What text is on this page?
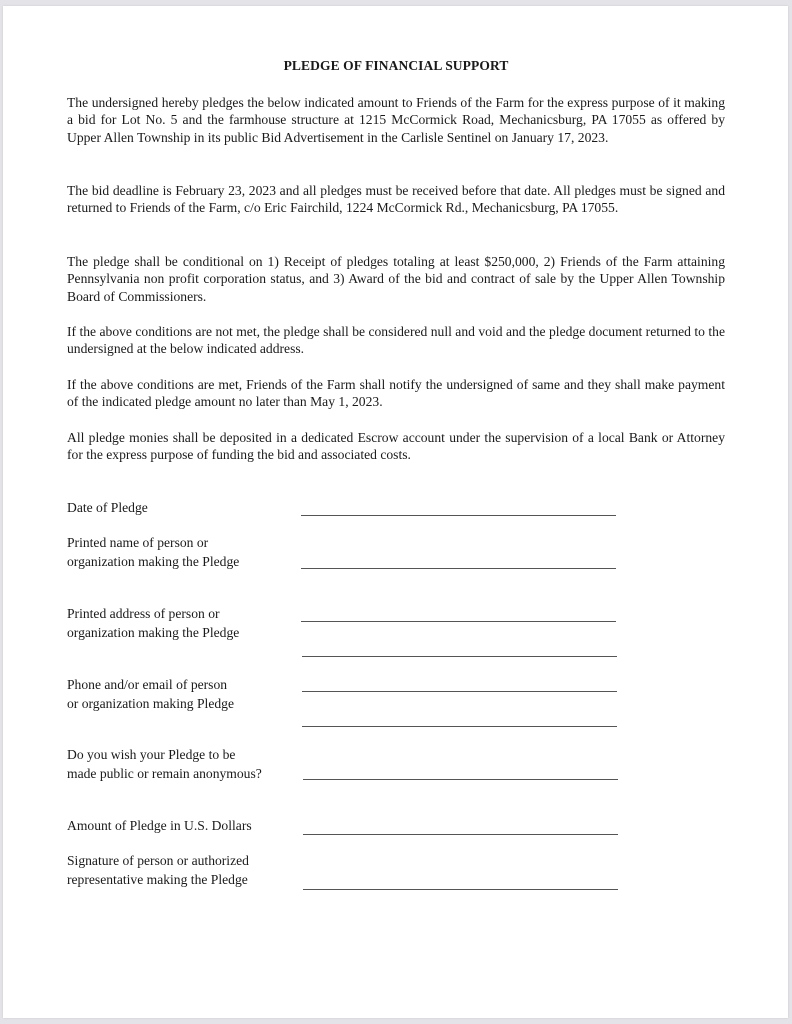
PLEDGE OF FINANCIAL SUPPORT

The undersigned hereby pledges the below indicated amount to Friends of the Farm for the express purpose of it making a bid for Lot No. 5 and the farmhouse structure at 1215 McCormick Road, Mechanicsburg, PA 17055 as offered by Upper Allen Township in its public Bid Advertisement in the Carlisle Sentinel on January 17, 2023.

The bid deadline is February 23, 2023 and all pledges must be received before that date. All pledges must be signed and returned to Friends of the Farm, c/o Eric Fairchild, 1224 McCormick Rd., Mechanicsburg, PA 17055.

The pledge shall be conditional on 1) Receipt of pledges totaling at least $250,000, 2) Friends of the Farm attaining Pennsylvania non profit corporation status, and 3) Award of the bid and contract of sale by the Upper Allen Township Board of Commissioners.

If the above conditions are not met, the pledge shall be considered null and void and the pledge document returned to the undersigned at the below indicated address.

If the above conditions are met, Friends of the Farm shall notify the undersigned of same and they shall make payment of the indicated pledge amount no later than May 1, 2023.

All pledge monies shall be deposited in a dedicated Escrow account under the supervision of a local Bank or Attorney for the express purpose of funding the bid and associated costs.

Date of Pledge
Printed name of person or
organization making the Pledge
Printed address of person or
organization making the Pledge
Phone and/or email of person
or organization making Pledge
Do you wish your Pledge to be
made public or remain anonymous?
Amount of Pledge in U.S. Dollars
Signature of person or authorized
representative making the Pledge
